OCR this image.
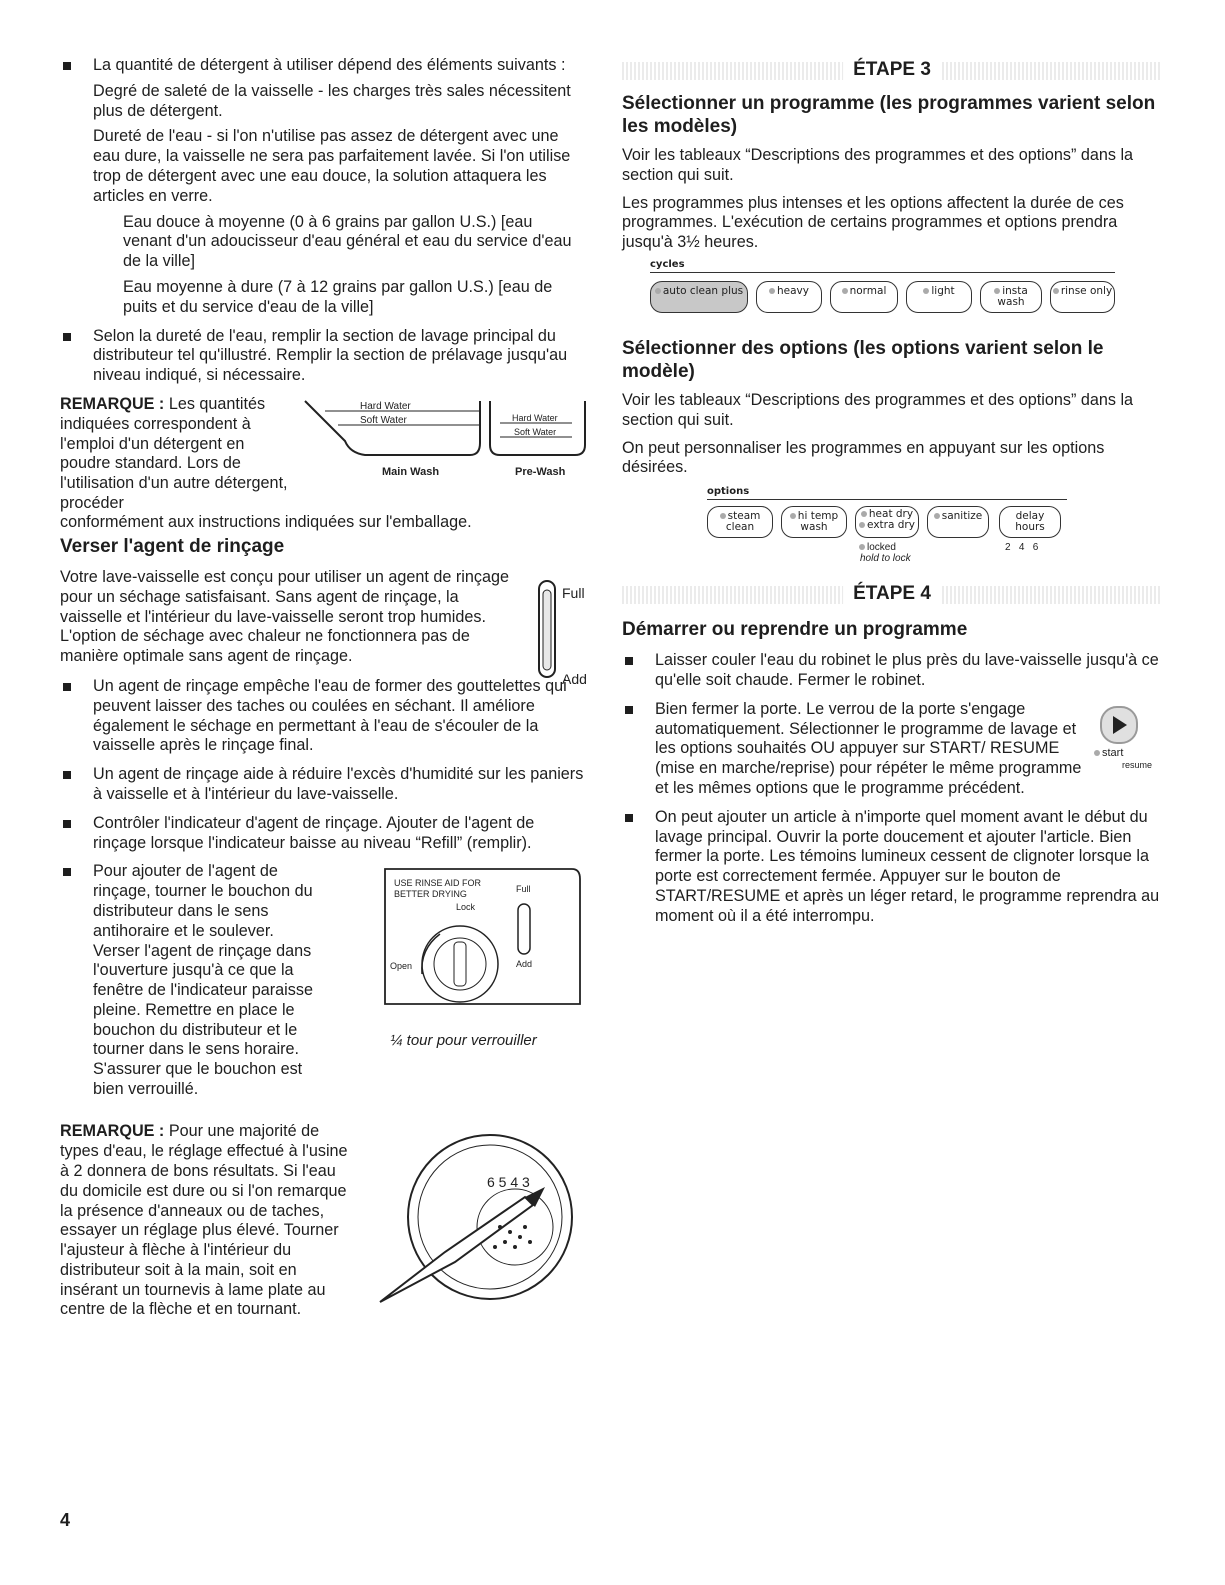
La quantité de détergent à utiliser dépend des éléments suivants :

Degré de saleté de la vaisselle - les charges très sales nécessitent plus de détergent.

Dureté de l'eau - si l'on n'utilise pas assez de détergent avec une eau dure, la vaisselle ne sera pas parfaitement lavée. Si l'on utilise trop de détergent avec une eau douce, la solution attaquera les articles en verre.

Eau douce à moyenne (0 à 6 grains par gallon U.S.) [eau venant d'un adoucisseur d'eau général et eau du service d'eau de la ville]

Eau moyenne à dure (7 à 12 grains par gallon U.S.) [eau de puits et du service d'eau de la ville]

Selon la dureté de l'eau, remplir la section de lavage principal du distributeur tel qu'illustré. Remplir la section de prélavage jusqu'au niveau indiqué, si nécessaire.

REMARQUE : Les quantités indiquées correspondent à l'emploi d'un détergent en poudre standard. Lors de l'utilisation d'un autre détergent, procéder
Hard Water
Soft Water	Hard Water
Soft Water
Main Wash	Pre-Wash

conformément aux instructions indiquées sur l'emballage.

Verser l'agent de rinçage

Votre lave-vaisselle est conçu pour utiliser un agent de rinçage pour un séchage satisfaisant. Sans agent de rinçage, la vaisselle et l'intérieur du lave-vaisselle seront trop humides. L'option de séchage avec chaleur ne fonctionnera pas de manière optimale sans agent de rinçage.

Full
Add

Un agent de rinçage empêche l'eau de former des gouttelettes qui peuvent laisser des taches ou coulées en séchant. Il améliore également le séchage en permettant à l'eau de s'écouler de la vaisselle après le rinçage final.

Un agent de rinçage aide à réduire l'excès d'humidité sur les paniers à vaisselle et à l'intérieur du lave-vaisselle.

Contrôler l'indicateur d'agent de rinçage. Ajouter de l'agent de rinçage lorsque l'indicateur baisse au niveau “Refill” (remplir).

Pour ajouter de l'agent de rinçage, tourner le bouchon du distributeur dans le sens antihoraire et le soulever. Verser l'agent de rinçage dans l'ouverture jusqu'à ce que la fenêtre de l'indicateur paraisse pleine. Remettre en place le bouchon du distributeur et le tourner dans le sens horaire. S'assurer que le bouchon est bien verrouillé.

USE RINSE AID FOR
BETTER DRYING	Full
Lock
Open	Add

¼ tour pour verrouiller

REMARQUE : Pour une majorité de types d'eau, le réglage effectué à l'usine à 2 donnera de bons résultats. Si l'eau du domicile est dure ou si l'on remarque la présence d'anneaux ou de taches, essayer un réglage plus élevé. Tourner l'ajusteur à flèche à l'intérieur du distributeur soit à la main, soit en insérant un tournevis à lame plate au centre de la flèche et en tournant.

6 5 4 3
ÉTAPE 3
Sélectionner un programme (les programmes varient selon les modèles)

Voir les tableaux “Descriptions des programmes et des options” dans la section qui suit.

Les programmes plus intenses et les options affectent la durée de ces programmes. L'exécution de certains programmes et options prendra jusqu'à 3½ heures.

cycles
auto clean plus	heavy	normal	light	insta wash
rinse only
Sélectionner des options (les options varient selon le modèle)

Voir les tableaux “Descriptions des programmes et des options” dans la section qui suit.

On peut personnaliser les programmes en appuyant sur les options désirées.

options
steam clean
hi temp wash
heat dry
extra dry
sanitize	delay hours
locked
hold to lock
2   4   6
ÉTAPE 4
Démarrer ou reprendre un programme

Laisser couler l'eau du robinet le plus près du lave-vaisselle jusqu'à ce qu'elle soit chaude. Fermer le robinet.

Bien fermer la porte. Le verrou de la porte s'engage automatiquement. Sélectionner le programme de lavage et les options souhaités OU appuyer sur START/ RESUME (mise en marche/reprise) pour répéter le même programme et les mêmes options que le programme précédent.

start
resume

On peut ajouter un article à n'importe quel moment avant le début du lavage principal. Ouvrir la porte doucement et ajouter l'article. Bien fermer la porte. Les témoins lumineux cessent de clignoter lorsque la porte est correctement fermée. Appuyer sur le bouton de START/RESUME et après un léger retard, le programme reprendra au moment où il a été interrompu.

4
